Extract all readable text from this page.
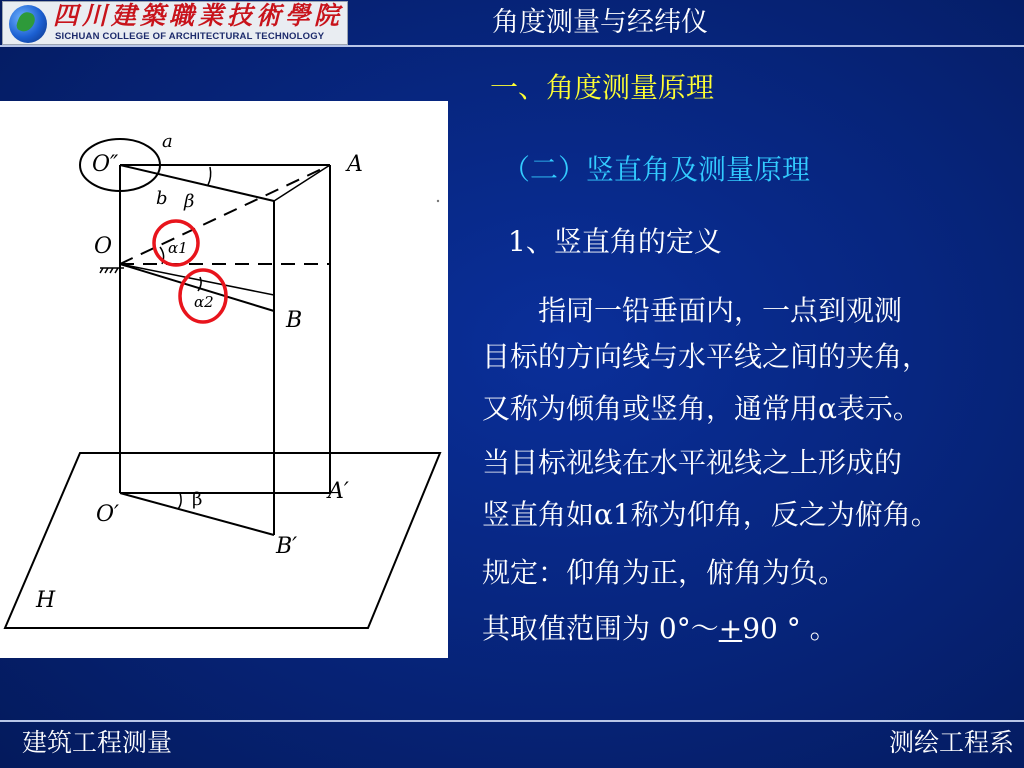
四川建築職業技術學院
SICHUAN COLLEGE OF ARCHITECTURAL TECHNOLOGY	角度测量与经纬仪
O″
a
A
b β
O	α1
α2
B
β	A′
O′
B′
H
一、角度测量原理
（二）竖直角及测量原理
1、竖直角的定义
　　指同一铅垂面内，一点到观测
目标的方向线与水平线之间的夹角，
又称为倾角或竖角，通常用α表示。
当目标视线在水平视线之上形成的
竖直角如α1称为仰角，反之为俯角。
规定：仰角为正，俯角为负。
其取值范围为 0°～+90 ° 。
建筑工程测量	测绘工程系
